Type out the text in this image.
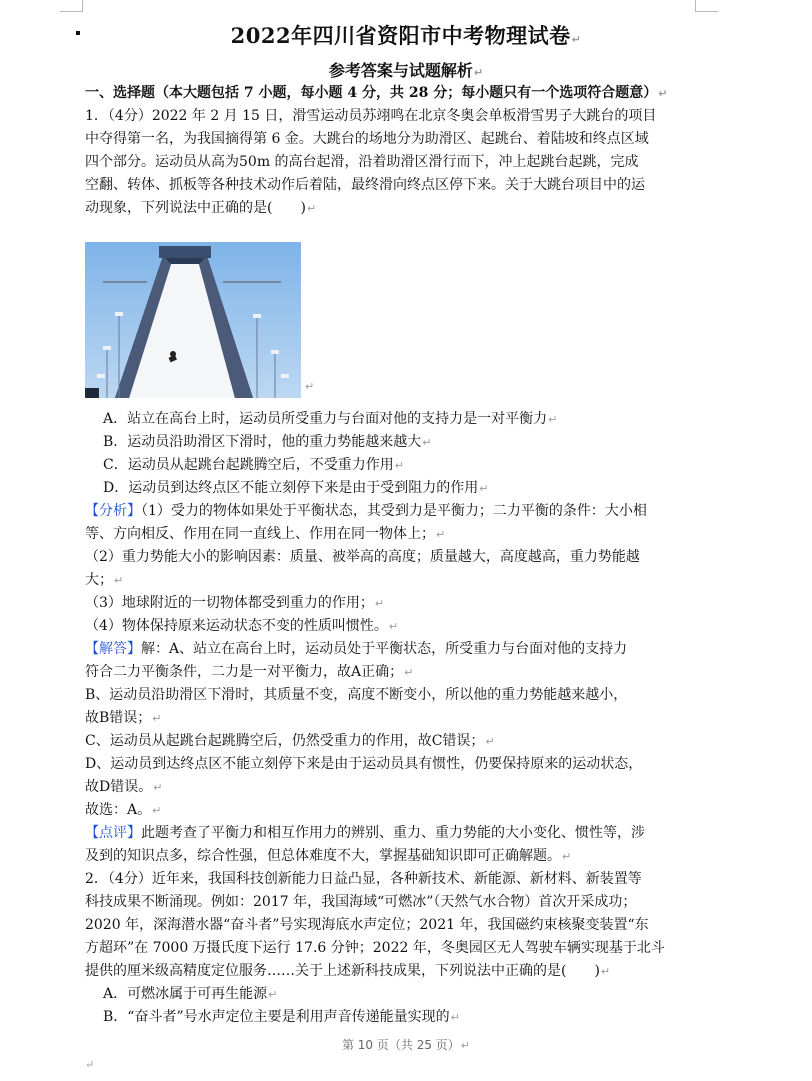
2022年四川省资阳市中考物理试卷↵
参考答案与试题解析↵

一、选择题（本大题包括 7 小题，每小题 4 分，共 28 分；每小题只有一个选项符合题意）↵

1．（4分）2022 年 2 月 15 日，滑雪运动员苏翊鸣在北京冬奥会单板滑雪男子大跳台的项目

中夺得第一名，为我国摘得第 6 金。大跳台的场地分为助滑区、起跳台、着陆坡和终点区域

四个部分。运动员从高为50m 的高台起滑，沿着助滑区滑行而下，冲上起跳台起跳，完成

空翻、转体、抓板等各种技术动作后着陆，最终滑向终点区停下来。关于大跳台项目中的运

动现象，下列说法中正确的是(　　)↵

↵

A．站立在高台上时，运动员所受重力与台面对他的支持力是一对平衡力↵

B．运动员沿助滑区下滑时，他的重力势能越来越大↵

C．运动员从起跳台起跳腾空后，不受重力作用↵

D．运动员到达终点区不能立刻停下来是由于受到阻力的作用↵

【分析】（1）受力的物体如果处于平衡状态，其受到力是平衡力；二力平衡的条件：大小相

等、方向相反、作用在同一直线上、作用在同一物体上；↵

（2）重力势能大小的影响因素：质量、被举高的高度；质量越大，高度越高，重力势能越

大；↵

（3）地球附近的一切物体都受到重力的作用；↵

（4）物体保持原来运动状态不变的性质叫惯性。↵

【解答】解：A、站立在高台上时，运动员处于平衡状态，所受重力与台面对他的支持力

符合二力平衡条件，二力是一对平衡力，故A正确；↵

B、运动员沿助滑区下滑时，其质量不变，高度不断变小，所以他的重力势能越来越小，

故B错误；↵

C、运动员从起跳台起跳腾空后，仍然受重力的作用，故C错误；↵

D、运动员到达终点区不能立刻停下来是由于运动员具有惯性，仍要保持原来的运动状态，

故D错误。↵

故选：A。↵

【点评】此题考查了平衡力和相互作用力的辨别、重力、重力势能的大小变化、惯性等，涉

及到的知识点多，综合性强，但总体难度不大，掌握基础知识即可正确解题。↵

2．（4分）近年来，我国科技创新能力日益凸显，各种新技术、新能源、新材料、新装置等

科技成果不断涌现。例如：2017 年，我国海域“可燃冰”（天然气水合物）首次开采成功；

2020 年，深海潜水器“奋斗者”号实现海底水声定位；2021 年，我国磁约束核聚变装置“东

方超环”在 7000 万摄氏度下运行 17.6 分钟；2022 年，冬奥园区无人驾驶车辆实现基于北斗

提供的厘米级高精度定位服务……关于上述新科技成果，下列说法中正确的是(　　)↵

A．可燃冰属于可再生能源↵

B．“奋斗者”号水声定位主要是利用声音传递能量实现的↵

第 10 页（共 25 页）↵
↵
